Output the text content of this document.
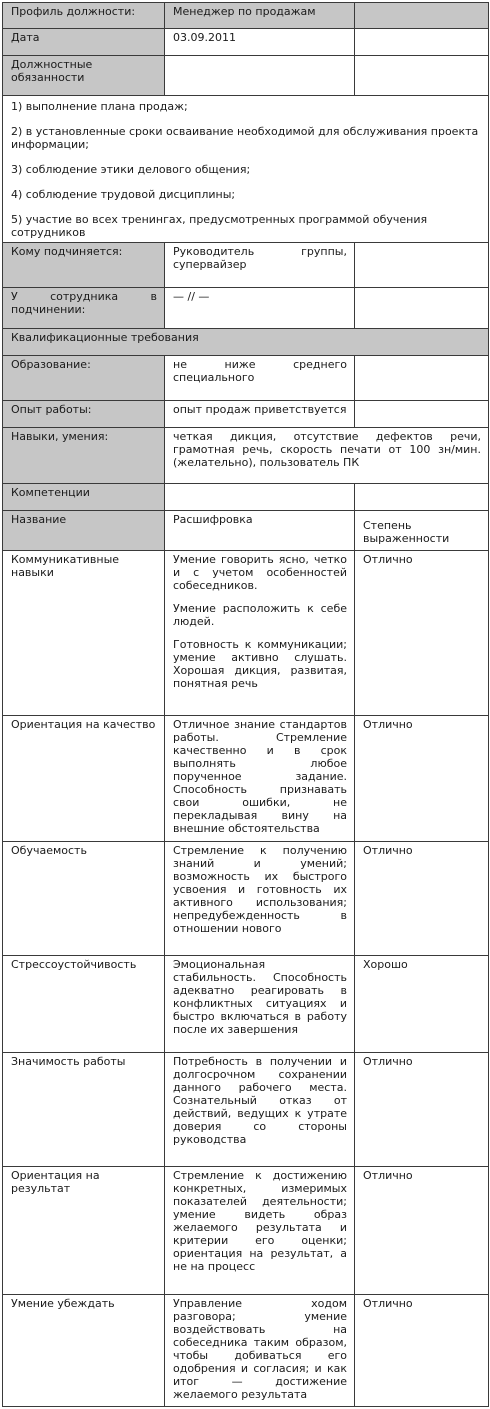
Профиль должности:	Менеджер по продажам	
Дата	03.09.2011	
Должностные обязанности		

1) выполнение плана продаж;

2) в установленные сроки осваивание необходимой для обслуживания проекта информации;

3) соблюдение этики делового общения;

4) соблюдение трудовой дисциплины;

5) участие во всех тренингах, предусмотренных программой обучения сотрудников		

Кому подчиняется:	Руководитель группы, супервайзер	
У сотрудника в подчинении:	— // —	
Квалификационные требования		
Образование:	не ниже среднего специального	
Опыт работы:	опыт продаж приветствуется	
Навыки, умения:	четкая дикция, отсутствие дефектов речи, грамотная речь, скорость печати от 100 зн/мин. (желательно), пользователь ПК	
Компетенции		
Название	Расшифровка	Степень выраженности
Коммуникативные навыки	Умение говорить ясно, четко и с учетом особенностей собеседников.

Умение расположить к себе людей.

Готовность к коммуникации; умение активно слушать. Хорошая дикция, развитая, понятная речь	Отлично
Ориентация на качество	Отличное знание стандартов работы. Стремление качественно и в срок выполнять любое порученное задание. Способность признавать свои ошибки, не перекладывая вину на внешние обстоятельства	Отлично
Обучаемость	Стремление к получению знаний и умений; возможность их быстрого усвоения и готовность их активного использования; непредубежденность в отношении нового	Отлично
Стрессоустойчивость	Эмоциональная стабильность. Способность адекватно реагировать в конфликтных ситуациях и быстро включаться в работу после их завершения	Хорошо
Значимость работы	Потребность в получении и долгосрочном сохранении данного рабочего места. Сознательный отказ от действий, ведущих к утрате доверия со стороны руководства	Отлично
Ориентация на результат	Стремление к достижению конкретных, измеримых показателей деятельности; умение видеть образ желаемого результата и критерии его оценки; ориентация на результат, а не на процесс	Отлично
Умение убеждать	Управление ходом разговора; умение воздействовать на собеседника таким образом, чтобы добиваться его одобрения и согласия; и как итог — достижение желаемого результата	Отлично
